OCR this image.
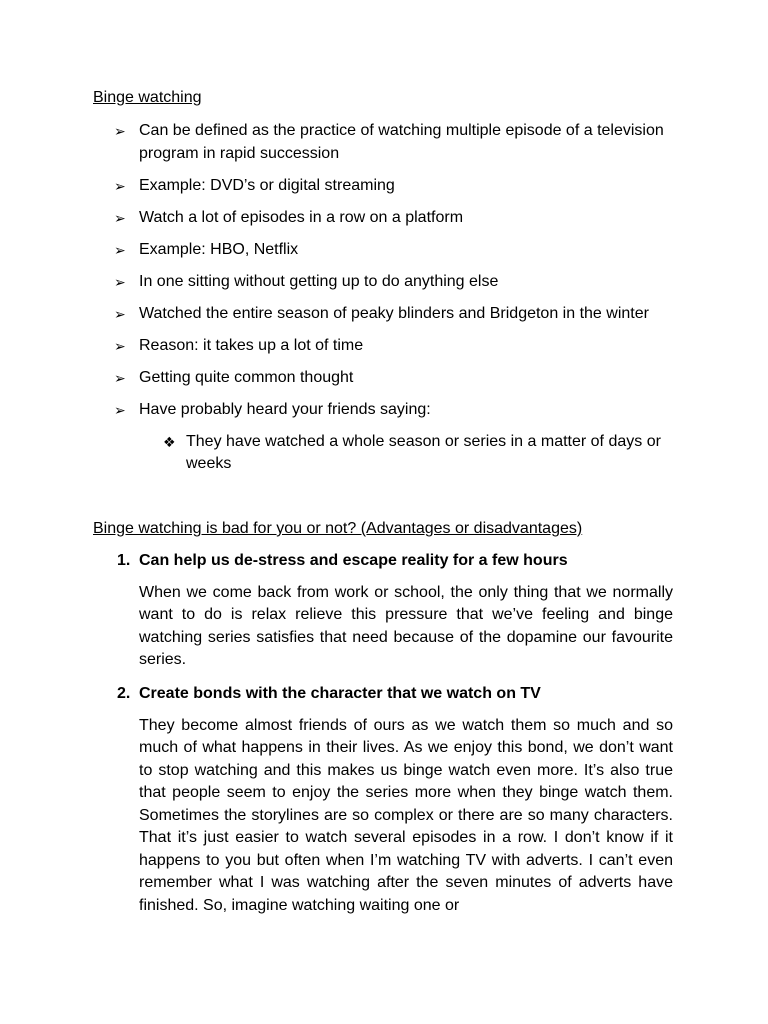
Binge watching
➢ Can be defined as the practice of watching multiple episode of a television program in rapid succession
➢ Example: DVD’s or digital streaming
➢ Watch a lot of episodes in a row on a platform
➢ Example: HBO, Netflix
➢ In one sitting without getting up to do anything else
➢ Watched the entire season of peaky blinders and Bridgeton in the winter
➢ Reason: it takes up a lot of time
➢ Getting quite common thought
➢ Have probably heard your friends saying:
❖ They have watched a whole season or series in a matter of days or weeks
Binge watching is bad for you or not? (Advantages or disadvantages)

1. Can help us de-stress and escape reality for a few hours

When we come back from work or school, the only thing that we normally want to do is relax relieve this pressure that we’ve feeling and binge watching series satisfies that need because of the dopamine our favourite series.

2. Create bonds with the character that we watch on TV

They become almost friends of ours as we watch them so much and so much of what happens in their lives. As we enjoy this bond, we don’t want to stop watching and this makes us binge watch even more. It’s also true that people seem to enjoy the series more when they binge watch them. Sometimes the storylines are so complex or there are so many characters. That it’s just easier to watch several episodes in a row. I don’t know if it happens to you but often when I’m watching TV with adverts. I can’t even remember what I was watching after the seven minutes of adverts have finished. So, imagine watching waiting one or
